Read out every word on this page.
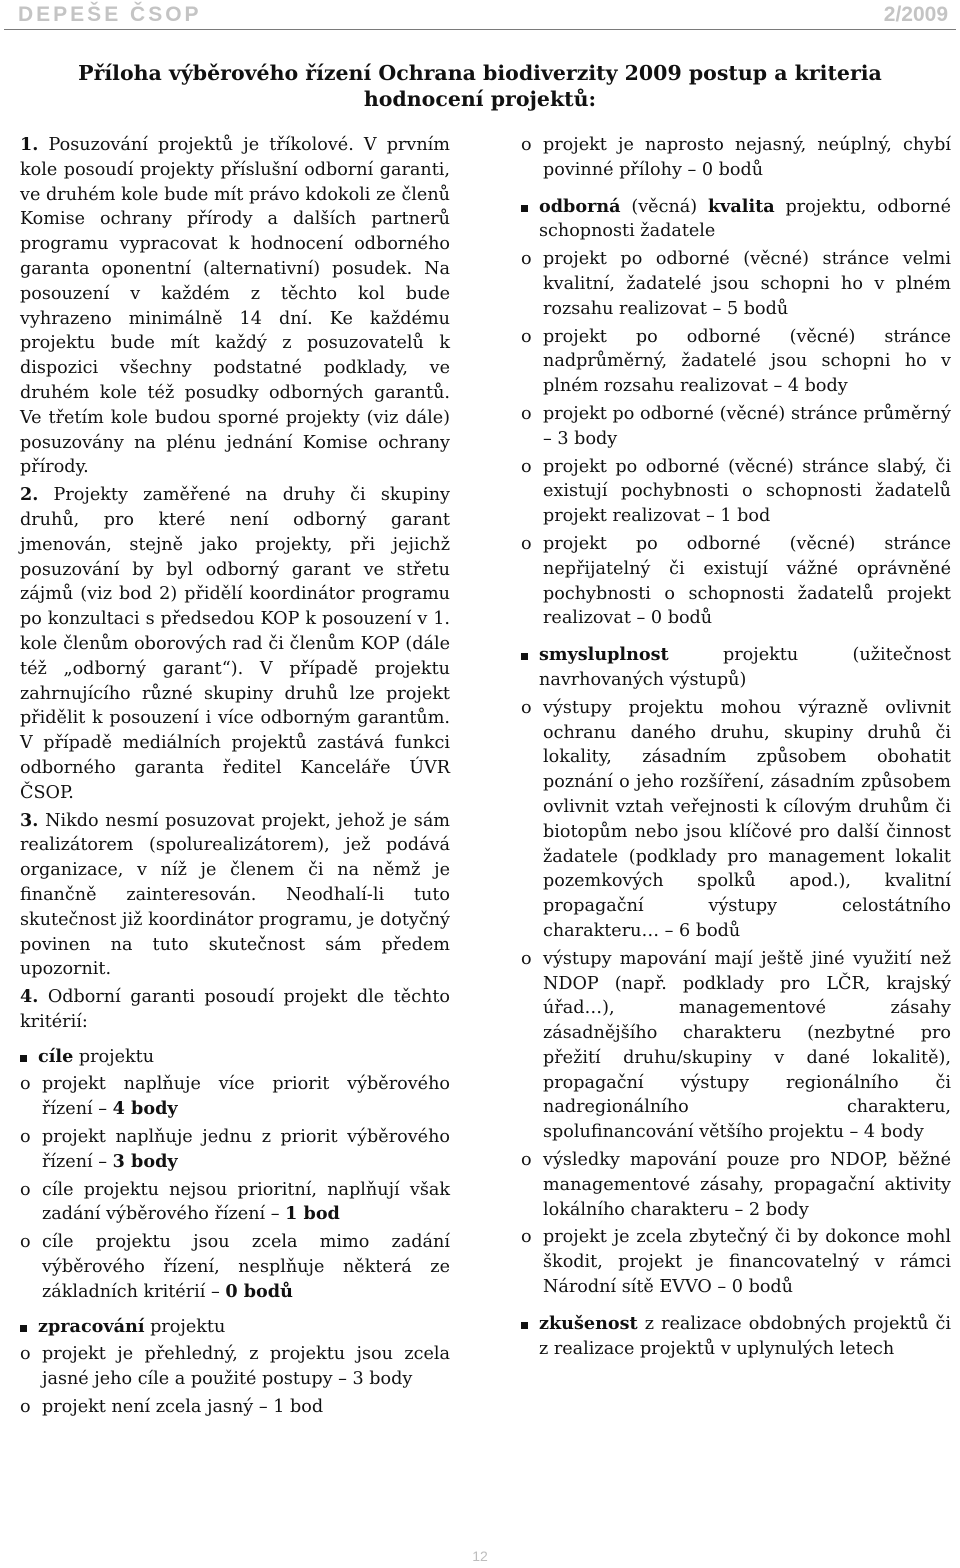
DEPEŠE ČSOP	2/2009
Příloha výběrového řízení Ochrana biodiverzity 2009 postup a kriteria
hodnocení projektů:

1. Posuzování projektů je tříkolové. V prvním kole posoudí projekty příslušní odborní garanti, ve druhém kole bude mít právo kdokoli ze členů Komise ochrany přírody a dalších partnerů programu vypracovat k hodnocení odborného garanta oponentní (alternativní) posudek. Na posouzení v každém z těchto kol bude vyhrazeno minimálně 14 dní. Ke každému projektu bude mít každý z posuzovatelů k dispozici všechny podstatné podklady, ve druhém kole též posudky odborných garantů. Ve třetím kole budou sporné projekty (viz dále) posuzovány na plénu jednání Komise ochrany přírody.

2. Projekty zaměřené na druhy či skupiny druhů, pro které není odborný garant jmenován, stejně jako projekty, při jejichž posuzování by byl odborný garant ve střetu zájmů (viz bod 2) přidělí koordinátor programu po konzultaci s předsedou KOP k posouzení v 1. kole členům oborových rad či členům KOP (dále též „odborný garant“). V případě projektu zahrnujícího různé skupiny druhů lze projekt přidělit k posouzení i více odborným garantům. V případě mediálních projektů zastává funkci odborného garanta ředitel Kanceláře ÚVR ČSOP.

3. Nikdo nesmí posuzovat projekt, jehož je sám realizátorem (spolurealizátorem), jež podává organizace, v níž je členem či na němž je finančně zainteresován. Neodhalí-li tuto skutečnost již koordinátor programu, je dotyčný povinen na tuto skutečnost sám předem upozornit.

4. Odborní garanti posoudí projekt dle těchto kritérií:

cíle projektu
o projekt naplňuje více priorit výběrového řízení – 4 body
o projekt naplňuje jednu z priorit výběrového řízení – 3 body
o cíle projektu nejsou prioritní, naplňují však zadání výběrového řízení – 1 bod
o cíle projektu jsou zcela mimo zadání výběrového řízení, nesplňuje některá ze základních kritérií – 0 bodů
zpracování projektu
o projekt je přehledný, z projektu jsou zcela jasné jeho cíle a použité postupy – 3 body
o projekt není zcela jasný – 1 bod
o projekt je naprosto nejasný, neúplný, chybí povinné přílohy – 0 bodů
odborná (věcná) kvalita projektu, odborné schopnosti žadatele
o projekt po odborné (věcné) stránce velmi kvalitní, žadatelé jsou schopni ho v plném rozsahu realizovat – 5 bodů
o projekt po odborné (věcné) stránce nadprůměrný, žadatelé jsou schopni ho v plném rozsahu realizovat – 4 body
o projekt po odborné (věcné) stránce průměrný – 3 body
o projekt po odborné (věcné) stránce slabý, či existují pochybnosti o schopnosti žadatelů projekt realizovat – 1 bod
o projekt po odborné (věcné) stránce nepřijatelný či existují vážné oprávněné pochybnosti o schopnosti žadatelů projekt realizovat – 0 bodů
smysluplnost projektu (užitečnost navrhovaných výstupů)
o výstupy projektu mohou výrazně ovlivnit ochranu daného druhu, skupiny druhů či lokality, zásadním způsobem obohatit poznání o jeho rozšíření, zásadním způsobem ovlivnit vztah veřejnosti k cílovým druhům či biotopům nebo jsou klíčové pro další činnost žadatele (podklady pro management lokalit pozemkových spolků apod.), kvalitní propagační výstupy celostátního charakteru… – 6 bodů
o výstupy mapování mají ještě jiné využití než NDOP (např. podklady pro LČR, krajský úřad…), managementové zásahy zásadnějšího charakteru (nezbytné pro přežití druhu/skupiny v dané lokalitě), propagační výstupy regionálního či nadregionálního charakteru, spolufinancování většího projektu – 4 body
o výsledky mapování pouze pro NDOP, běžné managementové zásahy, propagační aktivity lokálního charakteru – 2 body
o projekt je zcela zbytečný či by dokonce mohl škodit, projekt je financovatelný v rámci Národní sítě EVVO – 0 bodů
zkušenost z realizace obdobných projektů či z realizace projektů v uplynulých letech
12
